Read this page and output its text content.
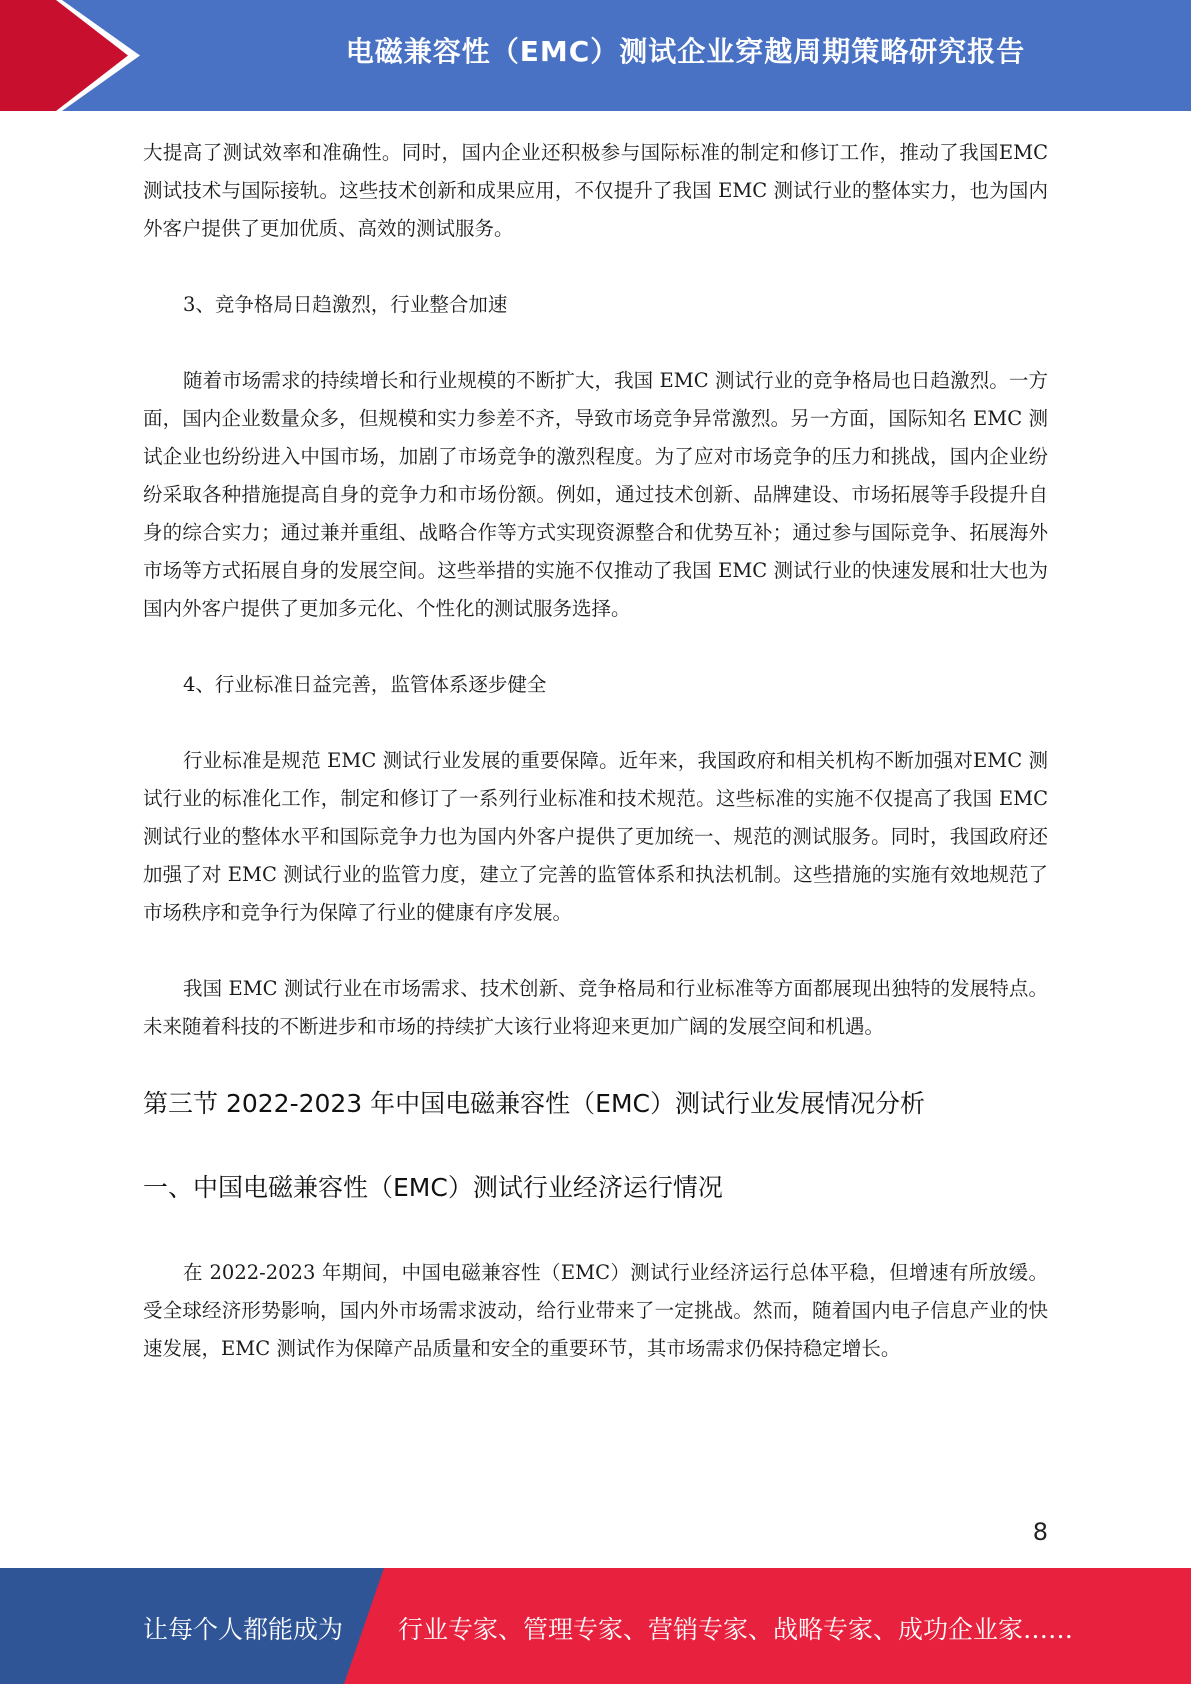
电磁兼容性（EMC）测试企业穿越周期策略研究报告

大提高了测试效率和准确性。同时，国内企业还积极参与国际标准的制定和修订工作，推动了我国EMC 测试技术与国际接轨。这些技术创新和成果应用，不仅提升了我国 EMC 测试行业的整体实力，也为国内外客户提供了更加优质、高效的测试服务。

3、竞争格局日趋激烈，行业整合加速

随着市场需求的持续增长和行业规模的不断扩大，我国 EMC 测试行业的竞争格局也日趋激烈。一方面，国内企业数量众多，但规模和实力参差不齐，导致市场竞争异常激烈。另一方面，国际知名 EMC 测试企业也纷纷进入中国市场，加剧了市场竞争的激烈程度。为了应对市场竞争的压力和挑战，国内企业纷纷采取各种措施提高自身的竞争力和市场份额。例如，通过技术创新、品牌建设、市场拓展等手段提升自身的综合实力；通过兼并重组、战略合作等方式实现资源整合和优势互补；通过参与国际竞争、拓展海外市场等方式拓展自身的发展空间。这些举措的实施不仅推动了我国 EMC 测试行业的快速发展和壮大也为国内外客户提供了更加多元化、个性化的测试服务选择。

4、行业标准日益完善，监管体系逐步健全

行业标准是规范 EMC 测试行业发展的重要保障。近年来，我国政府和相关机构不断加强对EMC 测试行业的标准化工作，制定和修订了一系列行业标准和技术规范。这些标准的实施不仅提高了我国 EMC 测试行业的整体水平和国际竞争力也为国内外客户提供了更加统一、规范的测试服务。同时，我国政府还加强了对 EMC 测试行业的监管力度，建立了完善的监管体系和执法机制。这些措施的实施有效地规范了市场秩序和竞争行为保障了行业的健康有序发展。

我国 EMC 测试行业在市场需求、技术创新、竞争格局和行业标准等方面都展现出独特的发展特点。未来随着科技的不断进步和市场的持续扩大该行业将迎来更加广阔的发展空间和机遇。

第三节 2022-2023 年中国电磁兼容性（EMC）测试行业发展情况分析
一、中国电磁兼容性（EMC）测试行业经济运行情况

在 2022-2023 年期间，中国电磁兼容性（EMC）测试行业经济运行总体平稳，但增速有所放缓。受全球经济形势影响，国内外市场需求波动，给行业带来了一定挑战。然而，随着国内电子信息产业的快速发展，EMC 测试作为保障产品质量和安全的重要环节，其市场需求仍保持稳定增长。

8
让每个人都能成为 行业专家、管理专家、营销专家、战略专家、成功企业家……
